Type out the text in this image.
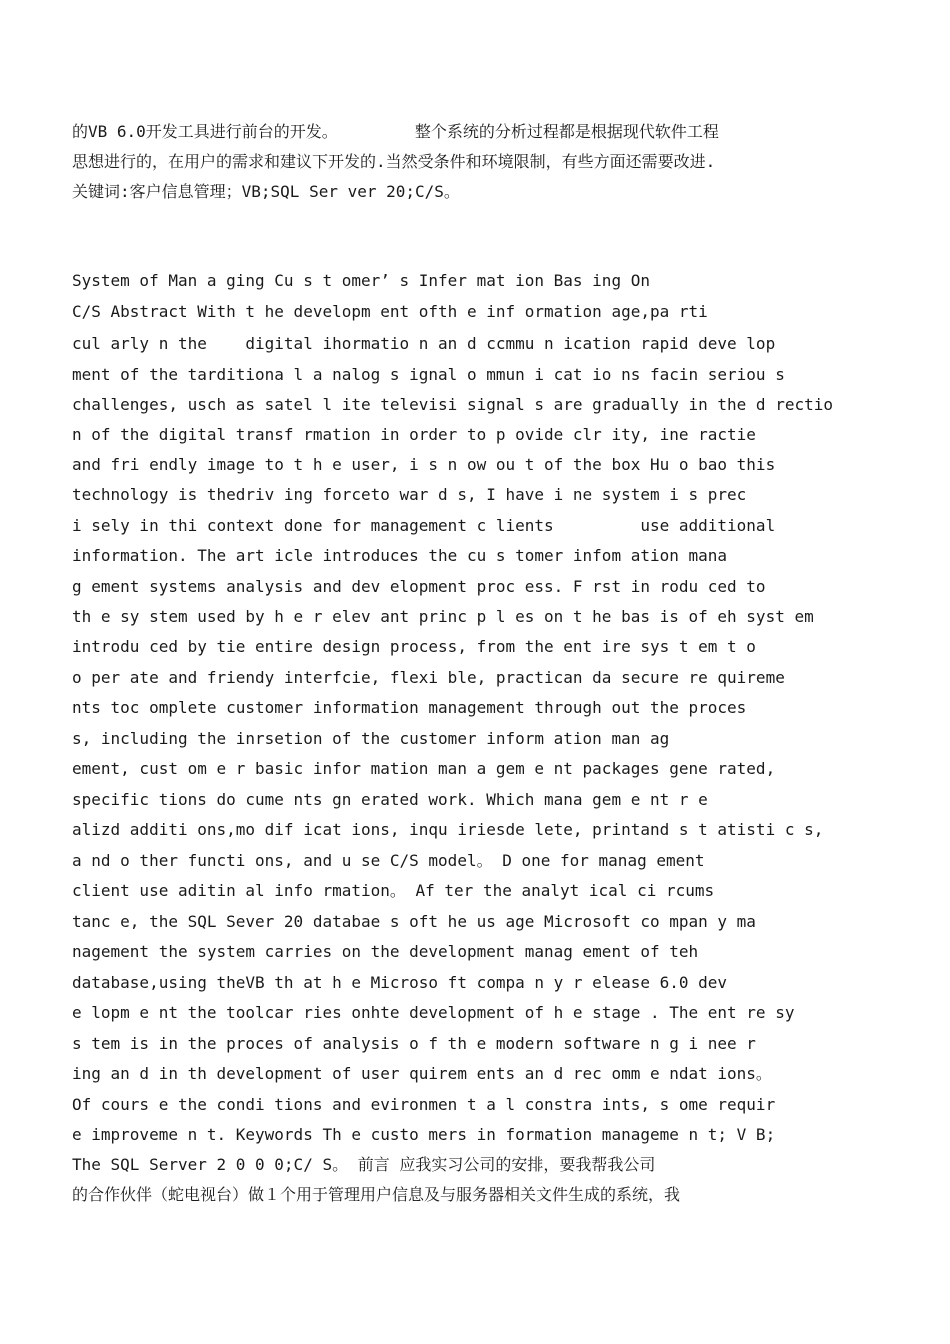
的VB 6.0开发工具进行前台的开发。        整个系统的分析过程都是根据现代软件工程
思想进行的，在用户的需求和建议下开发的.当然受条件和环境限制，有些方面还需要改进.
关键词:客户信息管理；VB;SQL Ser ver 20;C/S。
System of Man a ging Cu s t omer’ s Infer mat ion Bas ing On
C/S Abstract With t he developm ent ofth e inf ormation age,pa rti
cul arly n the    digital ihormatio n an d ccmmu n ication rapid deve lop
ment of the tarditiona l a nalog s ignal o mmun i cat io ns facin seriou s
challenges, usch as satel l ite televisi signal s are gradually in the d rectio
n of the digital transf rmation in order to p ovide clr ity, ine ractie
and fri endly image to t h e user, i s n ow ou t of the box Hu o bao this
technology is thedriv ing forceto war d s, I have i ne system i s prec
i sely in thi context done for management c lients         use additional
information. The art icle introduces the cu s tomer infom ation mana
g ement systems analysis and dev elopment proc ess. F rst in rodu ced to
th e sy stem used by h e r elev ant princ p l es on t he bas is of eh syst em
introdu ced by tie entire design process, from the ent ire sys t em t o
o per ate and friendy interfcie, flexi ble, practican da secure re quireme
nts toc omplete customer information management through out the proces
s, including the inrsetion of the customer inform ation man ag
ement, cust om e r basic infor mation man a gem e nt packages gene rated,
specific tions do cume nts gn erated work. Which mana gem e nt r e
alizd additi ons,mo dif icat ions, inqu iriesde lete, printand s t atisti c s,
a nd o ther functi ons, and u se C/S model。 D one for manag ement
client use aditin al info rmation。 Af ter the analyt ical ci rcums
tanc e, the SQL Sever 20 databae s oft he us age Microsoft co mpan y ma
nagement the system carries on the development manag ement of teh
database,using theVB th at h e Microso ft compa n y r elease 6.0 dev
e lopm e nt the toolcar ries onhte development of h e stage . The ent re sy
s tem is in the proces of analysis o f th e modern software n g i nee r
ing an d in th development of user quirem ents an d rec omm e ndat ions。
Of cours e the condi tions and evironmen t a l constra ints, s ome requir
e improveme n t. Keywords Th e custo mers in formation manageme n t; V B;
The SQL Server 2 0 0 0;C/ S。 前言 应我实习公司的安排，要我帮我公司
的合作伙伴（蛇电视台）做１个用于管理用户信息及与服务器相关文件生成的系统，我
